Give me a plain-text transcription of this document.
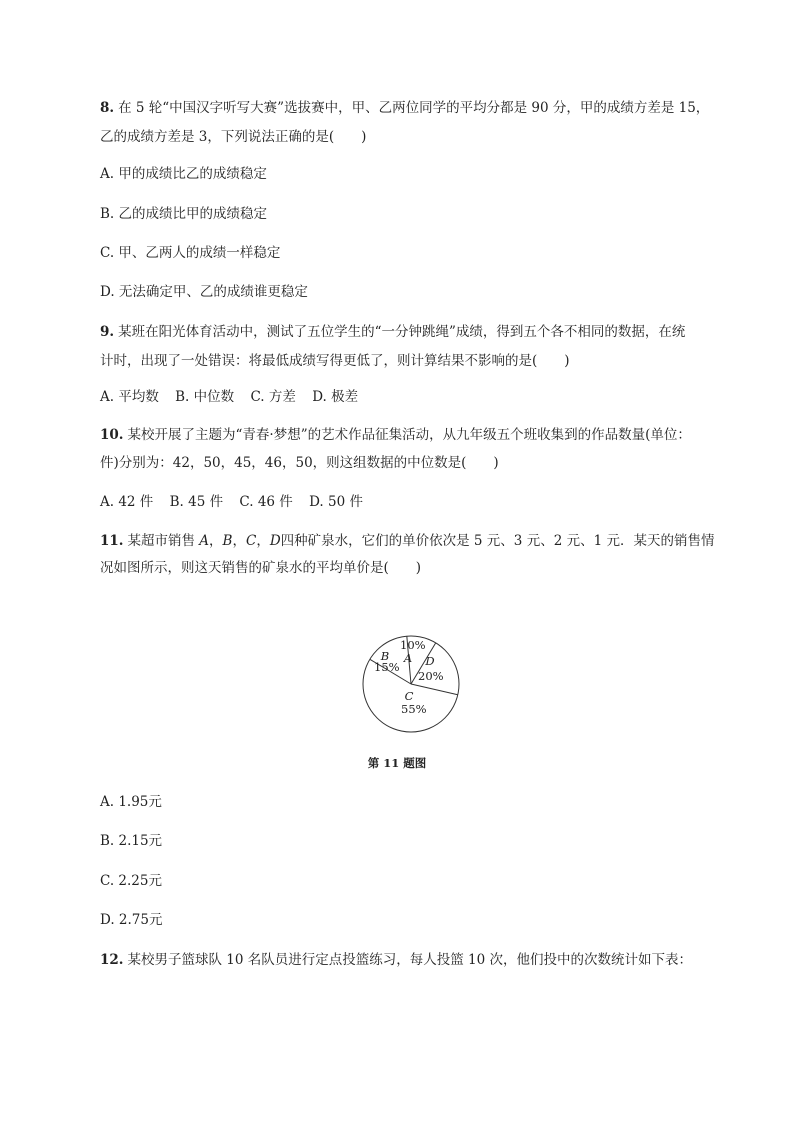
8. 在 5 轮“中国汉字听写大赛”选拔赛中，甲、乙两位同学的平均分都是 90 分，甲的成绩方差是 15，
乙的成绩方差是 3，下列说法正确的是(　　)
A. 甲的成绩比乙的成绩稳定
B. 乙的成绩比甲的成绩稳定
C. 甲、乙两人的成绩一样稳定
D. 无法确定甲、乙的成绩谁更稳定
9. 某班在阳光体育活动中，测试了五位学生的“一分钟跳绳”成绩，得到五个各不相同的数据，在统
计时，出现了一处错误：将最低成绩写得更低了，则计算结果不影响的是(　　)
A. 平均数 B. 中位数 C. 方差 D. 极差
10. 某校开展了主题为“青春·梦想”的艺术作品征集活动，从九年级五个班收集到的作品数量(单位：
件)分别为：42，50，45，46，50，则这组数据的中位数是(　　)
A. 42 件 B. 45 件 C. 46 件 D. 50 件
11. 某超市销售 A，B，C，D四种矿泉水，它们的单价依次是 5 元、3 元、2 元、1 元．某天的销售情
况如图所示，则这天销售的矿泉水的平均单价是(　　)
A
10%
B
15%
C
55%
D
20%
第 11 题图
A. 1.95元
B. 2.15元
C. 2.25元
D. 2.75元
12. 某校男子篮球队 10 名队员进行定点投篮练习，每人投篮 10 次，他们投中的次数统计如下表：
